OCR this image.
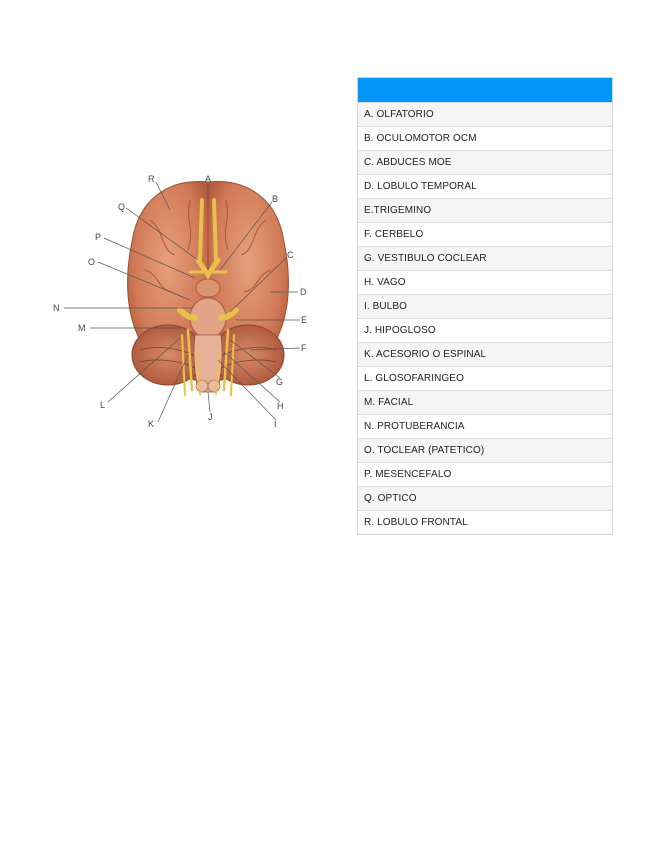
A
B
C
D
E
F
G
H
I
J
K
L
M
N
O
P
Q
R
A. OLFATORIO
B. OCULOMOTOR OCM
C. ABDUCES MOE
D. LOBULO TEMPORAL
E.TRIGEMINO
F. CERBELO
G. VESTIBULO COCLEAR
H. VAGO
I. BULBO
J. HIPOGLOSO
K. ACESORIO O ESPINAL
L. GLOSOFARINGEO
M. FACIAL
N. PROTUBERANCIA
O. TOCLEAR (PATETICO)
P. MESENCEFALO
Q. OPTICO
R. LOBULO FRONTAL
